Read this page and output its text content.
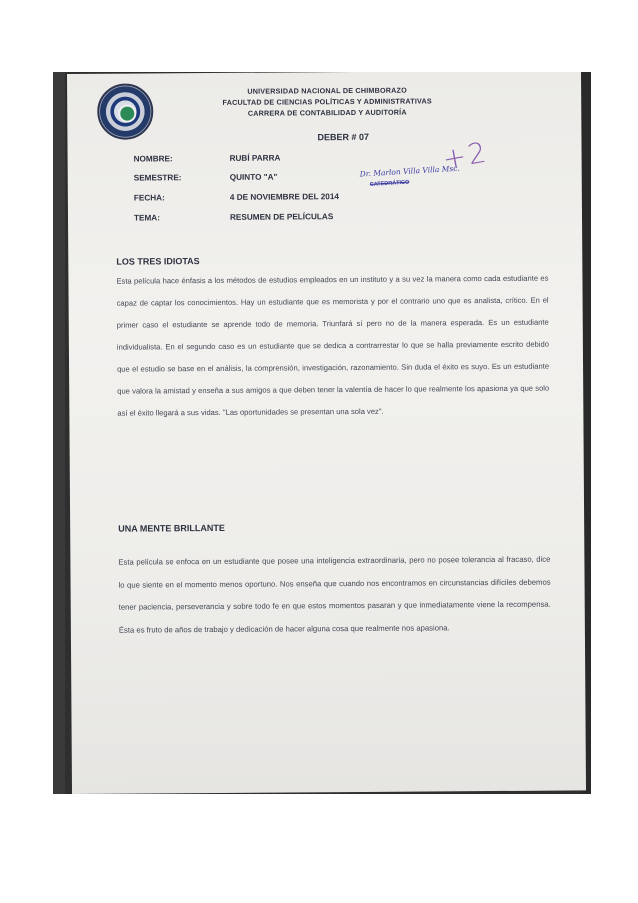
UNIVERSIDAD NACIONAL DE CHIMBORAZO
FACULTAD DE CIENCIAS POLÍTICAS Y ADMINISTRATIVAS
CARRERA DE CONTABILIDAD Y AUDITORÍA
DEBER # 07
NOMBRE:	RUBÍ PARRA
SEMESTRE:	QUINTO "A"
FECHA:	4 DE NOVIEMBRE DEL 2014
TEMA:	RESUMEN DE PELÍCULAS
Dr. Marlon Villa Villa Msc.
CATEDRÁTICO
+2
LOS TRES IDIOTAS
Esta película hace énfasis a los métodos de estudios empleados en un instituto y a su vez la manera como cada estudiante es capaz de captar los conocimientos. Hay un estudiante que es memorista y por el contrario uno que es analista, crítico. En el primer caso el estudiante se aprende todo de memoria. Triunfará sí pero no de la manera esperada. Es un estudiante individualista. En el segundo caso es un estudiante que se dedica a contrarrestar lo que se halla previamente escrito debido que el estudio se base en el análisis, la comprensión, investigación, razonamiento. Sin duda el éxito es suyo. Es un estudiante que valora la amistad y enseña a sus amigos a que deben tener la valentía de hacer lo que realmente los apasiona ya que solo así el éxito llegará a sus vidas. "Las oportunidades se presentan una sola vez".
UNA MENTE BRILLANTE
Esta película se enfoca en un estudiante que posee una inteligencia extraordinaria, pero no posee tolerancia al fracaso, dice lo que siente en el momento menos oportuno. Nos enseña que cuando nos encontramos en circunstancias difíciles debemos tener paciencia, perseverancia y sobre todo fe en que estos momentos pasaran y que inmediatamente viene la recompensa. Ésta es fruto de años de trabajo y dedicación de hacer alguna cosa que realmente nos apasiona.
